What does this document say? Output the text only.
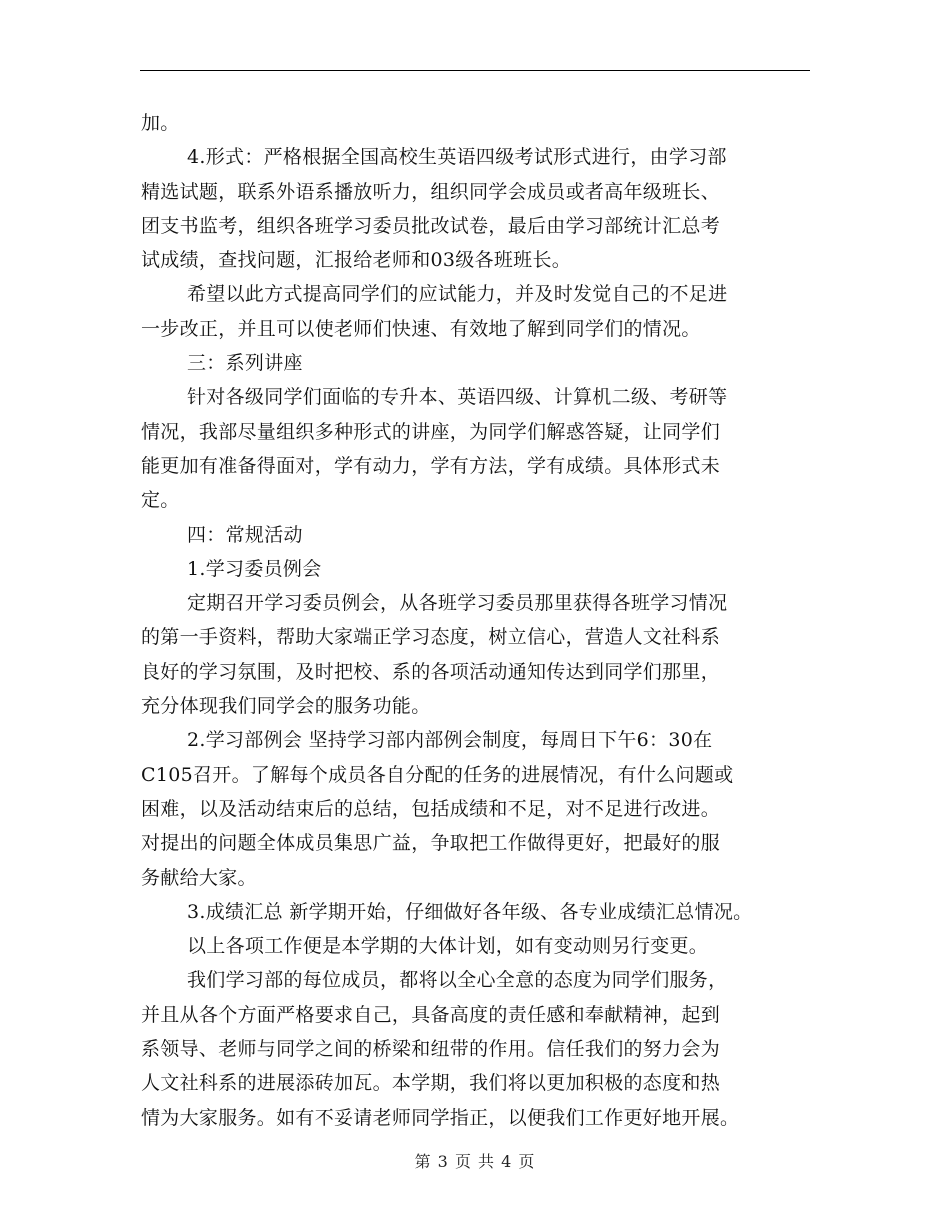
加。
4.形式：严格根据全国高校生英语四级考试形式进行，由学习部
精选试题，联系外语系播放听力，组织同学会成员或者高年级班长、
团支书监考，组织各班学习委员批改试卷，最后由学习部统计汇总考
试成绩，查找问题，汇报给老师和03级各班班长。
希望以此方式提高同学们的应试能力，并及时发觉自己的不足进
一步改正，并且可以使老师们快速、有效地了解到同学们的情况。
三：系列讲座
针对各级同学们面临的专升本、英语四级、计算机二级、考研等
情况，我部尽量组织多种形式的讲座，为同学们解惑答疑，让同学们
能更加有准备得面对，学有动力，学有方法，学有成绩。具体形式未
定。
四：常规活动
1.学习委员例会
定期召开学习委员例会，从各班学习委员那里获得各班学习情况
的第一手资料，帮助大家端正学习态度，树立信心，营造人文社科系
良好的学习氛围，及时把校、系的各项活动通知传达到同学们那里，
充分体现我们同学会的服务功能。
2.学习部例会 坚持学习部内部例会制度，每周日下午6：30在
C105召开。了解每个成员各自分配的任务的进展情况，有什么问题或
困难，以及活动结束后的总结，包括成绩和不足，对不足进行改进。
对提出的问题全体成员集思广益，争取把工作做得更好，把最好的服
务献给大家。
3.成绩汇总 新学期开始，仔细做好各年级、各专业成绩汇总情况。
以上各项工作便是本学期的大体计划，如有变动则另行变更。
我们学习部的每位成员，都将以全心全意的态度为同学们服务，
并且从各个方面严格要求自己，具备高度的责任感和奉献精神，起到
系领导、老师与同学之间的桥梁和纽带的作用。信任我们的努力会为
人文社科系的进展添砖加瓦。本学期，我们将以更加积极的态度和热
情为大家服务。如有不妥请老师同学指正，以便我们工作更好地开展。
第 3 页 共 4 页
